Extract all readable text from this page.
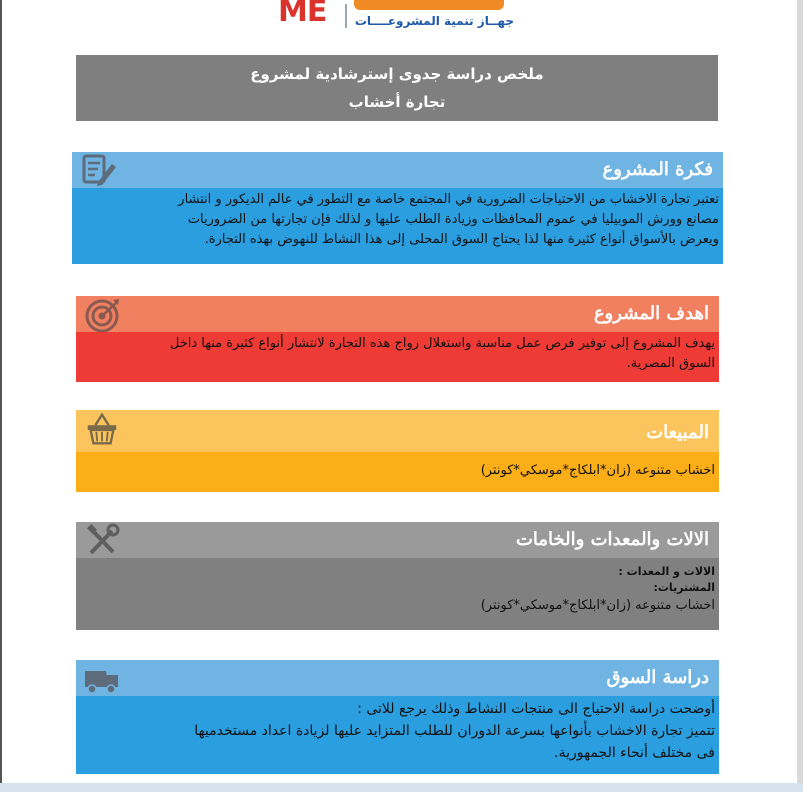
ME جهــاز تنمية المشروعــــات
ملخص دراسة جدوى إسترشادية لمشروع
تجارة أخشاب
فكرة المشروع
تعتبر تجارة الاخشاب من الاحتياجات الضرورية في المجتمع خاصة مع التطور في عالم الديكور و انتشار
مصانع وورش الموبيليا في عموم المحافظات وزيادة الطلب عليها و لذلك فإن تجارتها من الضروريات
ويعرض بالأسواق أنواع كثيرة منها لذا يحتاج السوق المحلى إلى هذا النشاط للنهوض بهذه التجارة.
اهدف المشروع
يهدف المشروع إلى توفير فرص عمل مناسبة واستغلال رواج هذه التجارة لانتشار أنواع كثيرة منها داخل
السوق المصرية.
المبيعات
اخشاب متنوعه (زان*ابلكاج*موسكي*كونتر)
الالات والمعدات والخامات
الالات و المعدات :
المشتريات:
اخشاب متنوعه (زان*ابلكاج*موسكي*كونتر)
دراسة السوق
أوضحت دراسة الاحتياج الى منتجات النشاط وذلك يرجع للاتى :
تتميز تجارة الاخشاب بأنواعها بسرعة الدوران للطلب المتزايد عليها لزيادة اعداد مستخدميها
فى مختلف أنحاء الجمهورية.
